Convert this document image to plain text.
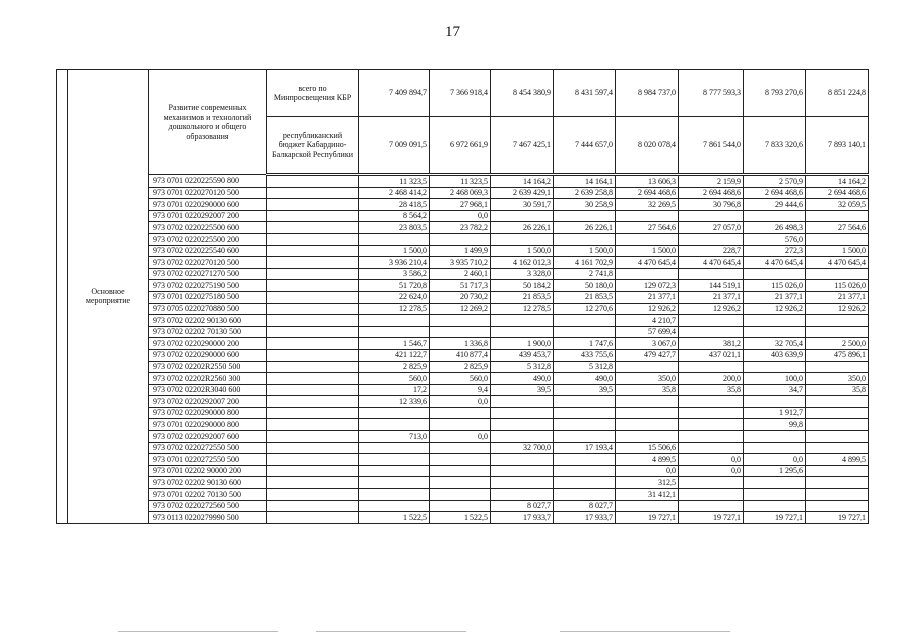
17
	Основное мероприятие	Развитие современных механизмов и технологий дошкольного и общего образования	всего по Минпросвещения КБР	7 409 894,7	7 366 918,4	8 454 380,9	8 431 597,4	8 984 737,0	8 777 593,3	8 793 270,6	8 851 224,8
			республиканский бюджет Кабардино-Балкарской Республики	7 009 091,5	6 972 661,9	7 467 425,1	7 444 657,0	8 020 078,4	7 861 544,0	7 833 320,6	7 893 140,1
		973 0701 0220225590 800		11 323,5	11 323,5	14 164,2	14 164,1	13 606,3	2 159,9	2 570,9	14 164,2
		973 0701 0220270120 500		2 468 414,2	2 468 069,3	2 639 429,1	2 639 258,8	2 694 468,6	2 694 468,6	2 694 468,6	2 694 468,6
		973 0701 0220290000 600		28 418,5	27 968,1	30 591,7	30 258,9	32 269,5	30 796,8	29 444,6	32 059,5
		973 0701 0220292007 200		8 564,2	0,0						
		973 0702 0220225500 600		23 803,5	23 782,2	26 226,1	26 226,1	27 564,6	27 057,0	26 498,3	27 564,6
		973 0702 0220225500 200								576,0	
		973 0702 0220225540 600		1 500,0	1 499,9	1 500,0	1 500,0	1 500,0	228,7	272,3	1 500,0
		973 0702 0220270120 500		3 936 210,4	3 935 710,2	4 162 012,3	4 161 702,9	4 470 645,4	4 470 645,4	4 470 645,4	4 470 645,4
		973 0702 0220271270 500		3 586,2	2 460,1	3 328,0	2 741,8				
		973 0702 0220275190 500		51 720,8	51 717,3	50 184,2	50 180,0	129 072,3	144 519,1	115 026,0	115 026,0
		973 0701 0220275180 500		22 624,0	20 730,2	21 853,5	21 853,5	21 377,1	21 377,1	21 377,1	21 377,1
		973 0705 0220270880 500		12 278,5	12 269,2	12 278,5	12 270,6	12 926,2	12 926,2	12 926,2	12 926,2
		973 0702 02202 90130 600						4 210,7			
		973 0702 02202 70130 500						57 699,4			
		973 0702 0220290000 200		1 546,7	1 336,8	1 900,0	1 747,6	3 067,0	381,2	32 705,4	2 500,0
		973 0702 0220290000 600		421 122,7	410 877,4	439 453,7	433 755,6	479 427,7	437 021,1	403 639,9	475 896,1
		973 0702 02202R2550 500		2 825,9	2 825,9	5 312,8	5 312,8				
		973 0702 02202R2560 300		560,0	560,0	490,0	490,0	350,0	200,0	100,0	350,0
		973 0702 02202R3040 600		17,2	9,4	39,5	39,5	35,8	35,8	34,7	35,8
		973 0702 0220292007 200		12 339,6	0,0						
		973 0702 0220290000 800								1 912,7	
		973 0701 0220290000 800								99,8	
		973 0702 0220292007 600		713,0	0,0						
		973 0702 0220272550 500				32 700,0	17 193,4	15 506,6			
		973 0701 0220272550 500						4 899,5	0,0	0,0	4 899,5
		973 0701 02202 90000 200						0,0	0,0	1 295,6	
		973 0702 02202 90130 600						312,5			
		973 0701 02202 70130 500						31 412,1			
		973 0702 0220272560 500				8 027,7	8 027,7				
		973 0113 0220279990 500		1 522,5	1 522,5	17 933,7	17 933,7	19 727,1	19 727,1	19 727,1	19 727,1
